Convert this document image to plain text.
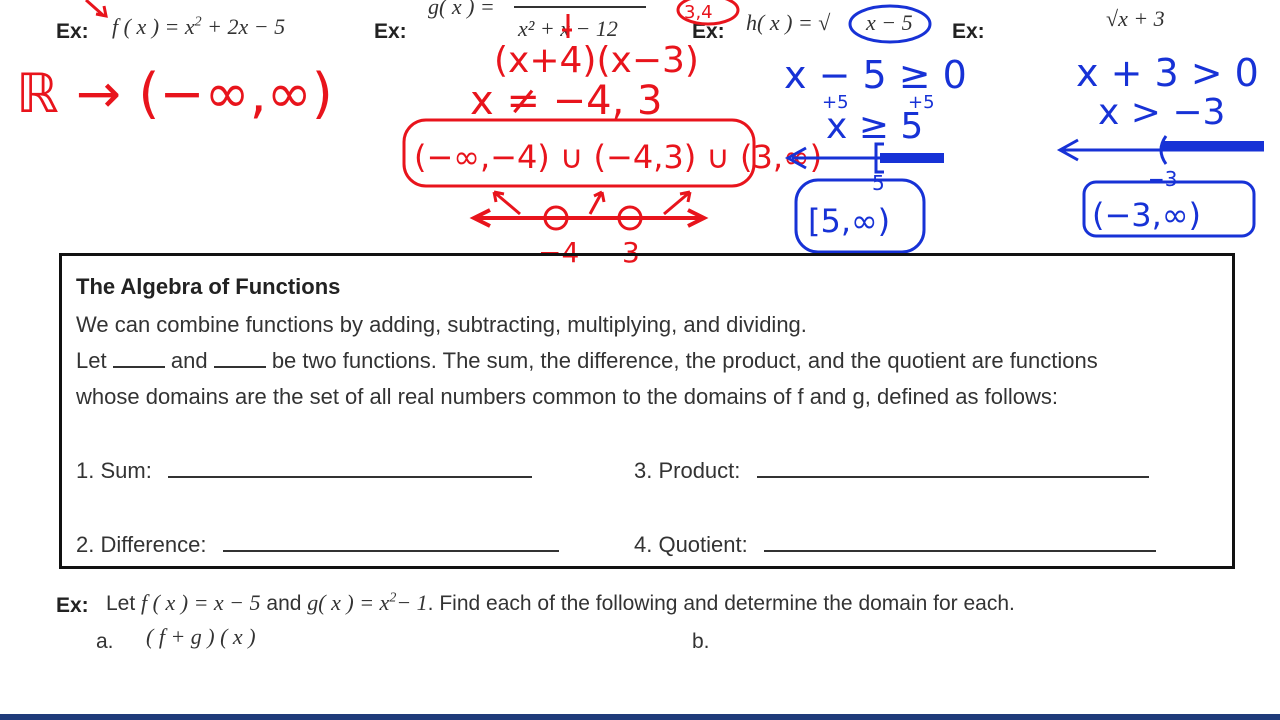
Ex: f ( x ) = $x^2 + 2x - 5$	Ex:
g( x ) =
x² + x − 12	Ex: h( x ) = √ x − 5 Ex:
√x + 3
ℝ → (−∞,∞)
3,4
(x+4)(x−3)
x ≠ −4, 3
(−∞,−4) ∪ (−4,3) ∪ (3,∞)
−4 3
x − 5 ≥ 0
+5	+5
x ≥ 5
5
[5,∞)
x + 3 > 0
x > −3
−3
(−3,∞)
The Algebra of Functions
We can combine functions by adding, subtracting, multiplying, and dividing.
Let	and	be two functions. The sum, the difference, the product, and the quotient are functions
whose domains are the set of all real numbers common to the domains of f and g, defined as follows:
1. Sum:
2. Difference:
3. Product:
4. Quotient:
Ex: Let f ( x ) = x − 5 and g( x ) = $x^2- 1$. Find each of the following and determine the domain for each.
a. ( f + g ) ( x )	b.
